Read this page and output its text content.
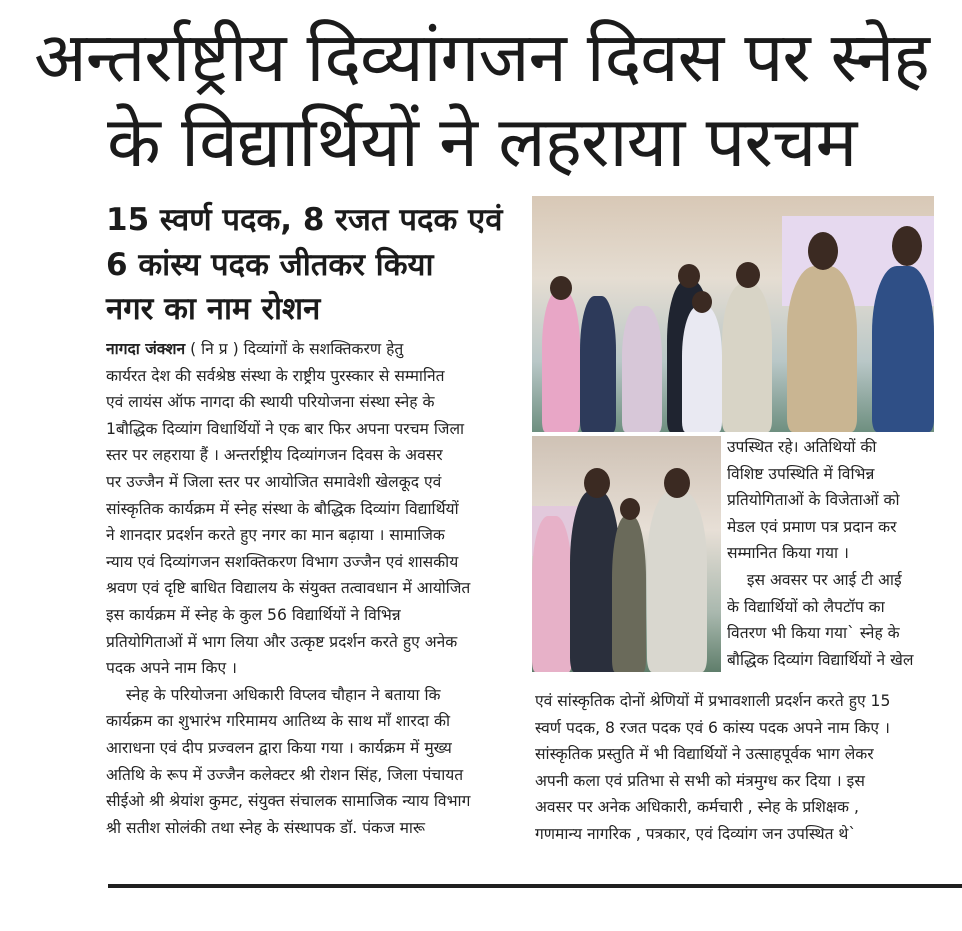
अन्तर्राष्ट्रीय दिव्यांगजन दिवस पर स्नेह
के विद्यार्थियों ने लहराया परचम
15 स्वर्ण पदक, 8 रजत पदक एवं
6 कांस्य पदक जीतकर किया
नगर का नाम रोशन
नागदा जंक्शन ( नि प्र ) दिव्यांगों के सशक्तिकरण हेतु
कार्यरत देश की सर्वश्रेष्ठ संस्था के राष्ट्रीय पुरस्कार से सम्मानित
एवं लायंस ऑफ नागदा की स्थायी परियोजना संस्था स्नेह के
1बौद्धिक दिव्यांग विधार्थियों ने एक बार फिर अपना परचम जिला
स्तर पर लहराया हैं । अन्तर्राष्ट्रीय दिव्यांगजन दिवस के अवसर
पर उज्जैन में जिला स्तर पर आयोजित समावेशी खेलकूद एवं
सांस्कृतिक कार्यक्रम में स्नेह संस्था के बौद्धिक दिव्यांग विद्यार्थियों
ने शानदार प्रदर्शन करते हुए नगर का मान बढ़ाया । सामाजिक
न्याय एवं दिव्यांगजन सशक्तिकरण विभाग उज्जैन एवं शासकीय
श्रवण एवं दृष्टि बाधित विद्यालय के संयुक्त तत्वावधान में आयोजित
इस कार्यक्रम में स्नेह के कुल 56 विद्यार्थियों ने विभिन्न
प्रतियोगिताओं में भाग लिया और उत्कृष्ट प्रदर्शन करते हुए अनेक
पदक अपने नाम किए ।
स्नेह के परियोजना अधिकारी विप्लव चौहान ने बताया कि
कार्यक्रम का शुभारंभ गरिमामय आतिथ्य के साथ माँ शारदा की
आराधना एवं दीप प्रज्वलन द्वारा किया गया । कार्यक्रम में मुख्य
अतिथि के रूप में उज्जैन कलेक्टर श्री रोशन सिंह, जिला पंचायत
सीईओ श्री श्रेयांश कुमट, संयुक्त संचालक सामाजिक न्याय विभाग
श्री सतीश सोलंकी तथा स्नेह के संस्थापक डॉ. पंकज मारू
उपस्थित रहे। अतिथियों की
विशिष्ट उपस्थिति में विभिन्न
प्रतियोगिताओं के विजेताओं को
मेडल एवं प्रमाण पत्र प्रदान कर
सम्मानित किया गया ।
इस अवसर पर आई टी आई
के विद्यार्थियों को लैपटॉप का
वितरण भी किया गया` स्नेह के
बौद्धिक दिव्यांग विद्यार्थियों ने खेल
एवं सांस्कृतिक दोनों श्रेणियों में प्रभावशाली प्रदर्शन करते हुए 15
स्वर्ण पदक, 8 रजत पदक एवं 6 कांस्य पदक अपने नाम किए ।
सांस्कृतिक प्रस्तुति में भी विद्यार्थियों ने उत्साहपूर्वक भाग लेकर
अपनी कला एवं प्रतिभा से सभी को मंत्रमुग्ध कर दिया । इस
अवसर पर अनेक अधिकारी, कर्मचारी , स्नेह के प्रशिक्षक ,
गणमान्य नागरिक , पत्रकार, एवं दिव्यांग जन उपस्थित थे`
